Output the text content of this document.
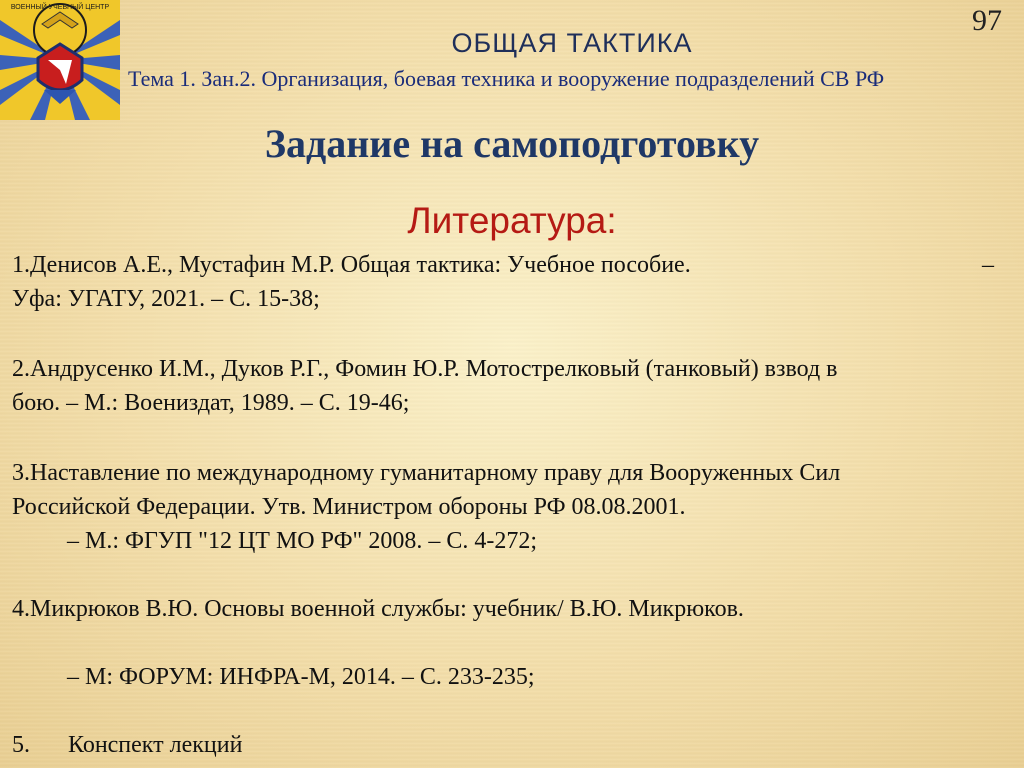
ВОЕННЫЙ УЧЕБНЫЙ ЦЕНТР	97
ОБЩАЯ ТАКТИКА
Тема 1. Зан.2. Организация, боевая техника и вооружение подразделений СВ РФ
Задание на самоподготовку
Литература:
1.Денисов А.Е., Мустафин М.Р. Общая тактика: Учебное пособие.	–
Уфа: УГАТУ, 2021. – С. 15-38;
2.Андрусенко И.М., Дуков Р.Г., Фомин Ю.Р. Мотострелковый (танковый) взвод в
бою. – М.: Воениздат, 1989. – С. 19-46;
3.Наставление по международному гуманитарному праву для Вооруженных Сил
Российской Федерации. Утв. Министром обороны РФ 08.08.2001.
– М.: ФГУП "12 ЦТ МО РФ" 2008. – С. 4-272;
4.Микрюков В.Ю. Основы военной службы: учебник/ В.Ю. Микрюков.
– М: ФОРУМ: ИНФРА-М, 2014. – С. 233-235;
5. Конспект лекций
